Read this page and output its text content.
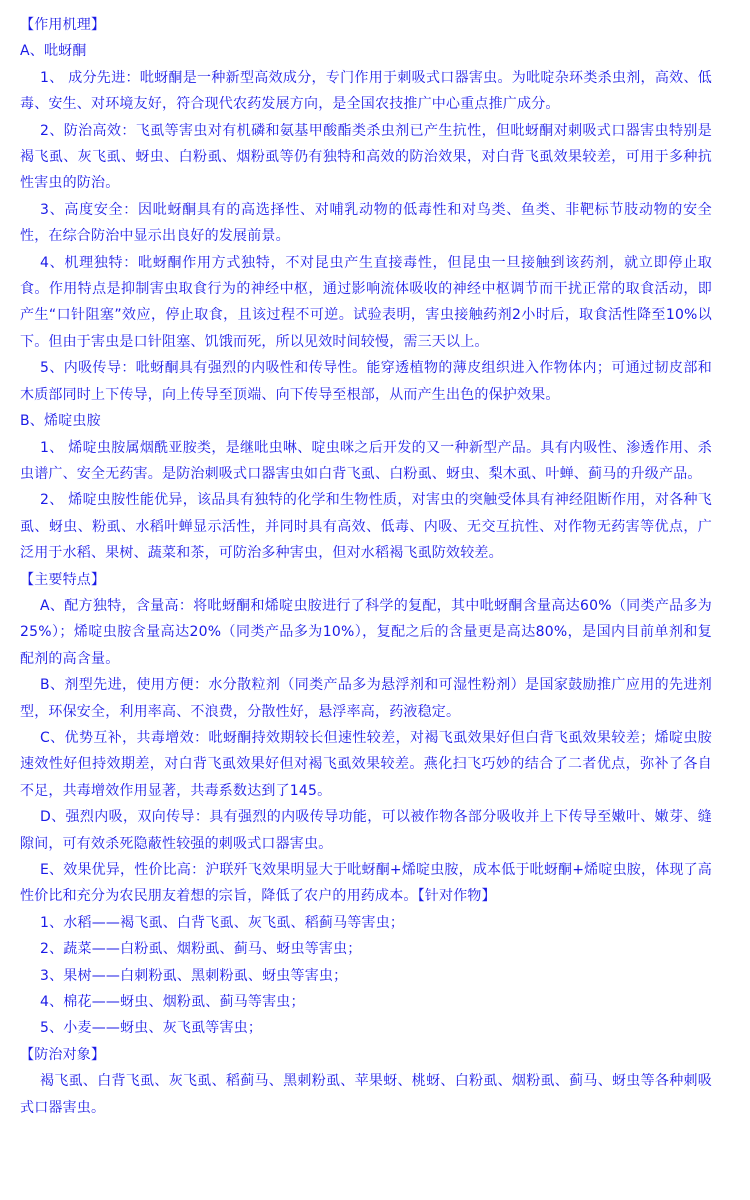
【作用机理】

A、吡蚜酮

1、 成分先进：吡蚜酮是一种新型高效成分，专门作用于刺吸式口器害虫。为吡啶杂环类杀虫剂，高效、低毒、安生、对环境友好，符合现代农药发展方向，是全国农技推广中心重点推广成分。

2、防治高效：飞虱等害虫对有机磷和氨基甲酸酯类杀虫剂已产生抗性，但吡蚜酮对刺吸式口器害虫特别是褐飞虱、灰飞虱、蚜虫、白粉虱、烟粉虱等仍有独特和高效的防治效果，对白背飞虱效果较差，可用于多种抗性害虫的防治。

3、高度安全：因吡蚜酮具有的高选择性、对哺乳动物的低毒性和对鸟类、鱼类、非靶标节肢动物的安全性，在综合防治中显示出良好的发展前景。

4、机理独特：吡蚜酮作用方式独特，不对昆虫产生直接毒性，但昆虫一旦接触到该药剂，就立即停止取食。作用特点是抑制害虫取食行为的神经中枢，通过影响流体吸收的神经中枢调节而干扰正常的取食活动，即产生“口针阻塞”效应，停止取食，且该过程不可逆。试验表明，害虫接触药剂2小时后，取食活性降至10%以下。但由于害虫是口针阻塞、饥饿而死，所以见效时间较慢，需三天以上。

5、内吸传导：吡蚜酮具有强烈的内吸性和传导性。能穿透植物的薄皮组织进入作物体内；可通过韧皮部和木质部同时上下传导，向上传导至顶端、向下传导至根部，从而产生出色的保护效果。

B、烯啶虫胺

1、 烯啶虫胺属烟酰亚胺类，是继吡虫啉、啶虫咪之后开发的又一种新型产品。具有内吸性、渗透作用、杀虫谱广、安全无药害。是防治刺吸式口器害虫如白背飞虱、白粉虱、蚜虫、梨木虱、叶蝉、蓟马的升级产品。

2、 烯啶虫胺性能优异，该品具有独特的化学和生物性质，对害虫的突触受体具有神经阻断作用，对各种飞虱、蚜虫、粉虱、水稻叶蝉显示活性，并同时具有高效、低毒、内吸、无交互抗性、对作物无药害等优点，广泛用于水稻、果树、蔬菜和茶，可防治多种害虫，但对水稻褐飞虱防效较差。

【主要特点】

A、配方独特，含量高：将吡蚜酮和烯啶虫胺进行了科学的复配，其中吡蚜酮含量高达60%（同类产品多为25%）；烯啶虫胺含量高达20%（同类产品多为10%），复配之后的含量更是高达80%，是国内目前单剂和复配剂的高含量。

B、剂型先进，使用方便：水分散粒剂（同类产品多为悬浮剂和可湿性粉剂）是国家鼓励推广应用的先进剂型，环保安全，利用率高、不浪费，分散性好，悬浮率高，药液稳定。

C、优势互补，共毒增效：吡蚜酮持效期较长但速性较差，对褐飞虱效果好但白背飞虱效果较差；烯啶虫胺速效性好但持效期差，对白背飞虱效果好但对褐飞虱效果较差。燕化扫飞巧妙的结合了二者优点，弥补了各自不足，共毒增效作用显著，共毒系数达到了145。

D、强烈内吸，双向传导：具有强烈的内吸传导功能，可以被作物各部分吸收并上下传导至嫩叶、嫩芽、缝隙间，可有效杀死隐蔽性较强的刺吸式口器害虫。

E、效果优异，性价比高：沪联歼飞效果明显大于吡蚜酮+烯啶虫胺，成本低于吡蚜酮+烯啶虫胺，体现了高性价比和充分为农民朋友着想的宗旨，降低了农户的用药成本。【针对作物】

1、水稻——褐飞虱、白背飞虱、灰飞虱、稻蓟马等害虫；

2、蔬菜——白粉虱、烟粉虱、蓟马、蚜虫等害虫；

3、果树——白刺粉虱、黑刺粉虱、蚜虫等害虫；

4、棉花——蚜虫、烟粉虱、蓟马等害虫；

5、小麦——蚜虫、灰飞虱等害虫；

【防治对象】

褐飞虱、白背飞虱、灰飞虱、稻蓟马、黑刺粉虱、苹果蚜、桃蚜、白粉虱、烟粉虱、蓟马、蚜虫等各种刺吸式口器害虫。
